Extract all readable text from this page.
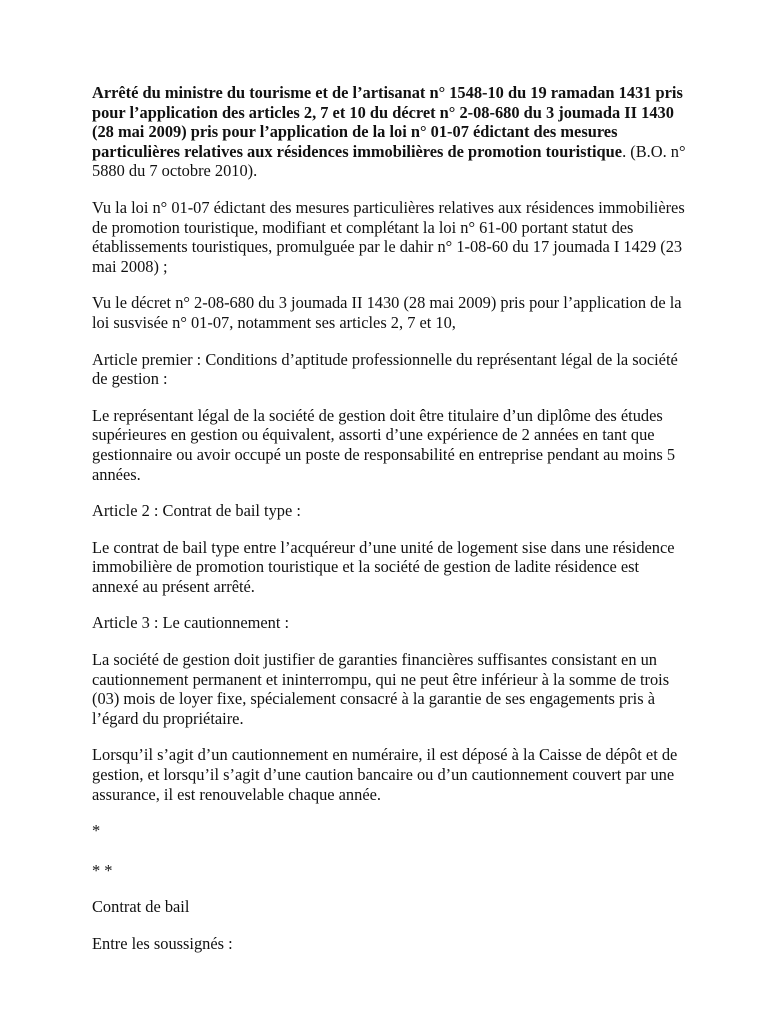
Arrêté du ministre du tourisme et de l’artisanat n° 1548-10 du 19 ramadan 1431 pris pour l’application des articles 2, 7 et 10 du décret n° 2-08-680 du 3 joumada II 1430 (28 mai 2009) pris pour l’application de la loi n° 01-07 édictant des mesures particulières relatives aux résidences immobilières de promotion touristique. (B.O. n° 5880 du 7 octobre 2010).

Vu la loi n° 01-07 édictant des mesures particulières relatives aux résidences immobilières de promotion touristique, modifiant et complétant la loi n° 61-00 portant statut des établissements touristiques, promulguée par le dahir n° 1-08-60 du 17 joumada I 1429 (23 mai 2008) ;

Vu le décret n° 2-08-680 du 3 joumada II 1430 (28 mai 2009) pris pour l’application de la loi susvisée n° 01-07, notamment ses articles 2, 7 et 10,

Article premier : Conditions d’aptitude professionnelle du représentant légal de la société de gestion :

Le représentant légal de la société de gestion doit être titulaire d’un diplôme des études supérieures en gestion ou équivalent, assorti d’une expérience de 2 années en tant que gestionnaire ou avoir occupé un poste de responsabilité en entreprise pendant au moins 5 années.

Article 2 : Contrat de bail type :

Le contrat de bail type entre l’acquéreur d’une unité de logement sise dans une résidence immobilière de promotion touristique et la société de gestion de ladite résidence est annexé au présent arrêté.

Article 3 : Le cautionnement :

La société de gestion doit justifier de garanties financières suffisantes consistant en un cautionnement permanent et ininterrompu, qui ne peut être inférieur à la somme de trois (03) mois de loyer fixe, spécialement consacré à la garantie de ses engagements pris à l’égard du propriétaire.

Lorsqu’il s’agit d’un cautionnement en numéraire, il est déposé à la Caisse de dépôt et de gestion, et lorsqu’il s’agit d’une caution bancaire ou d’un cautionnement couvert par une assurance, il est renouvelable chaque année.

*

* *

Contrat de bail

Entre les soussignés :
